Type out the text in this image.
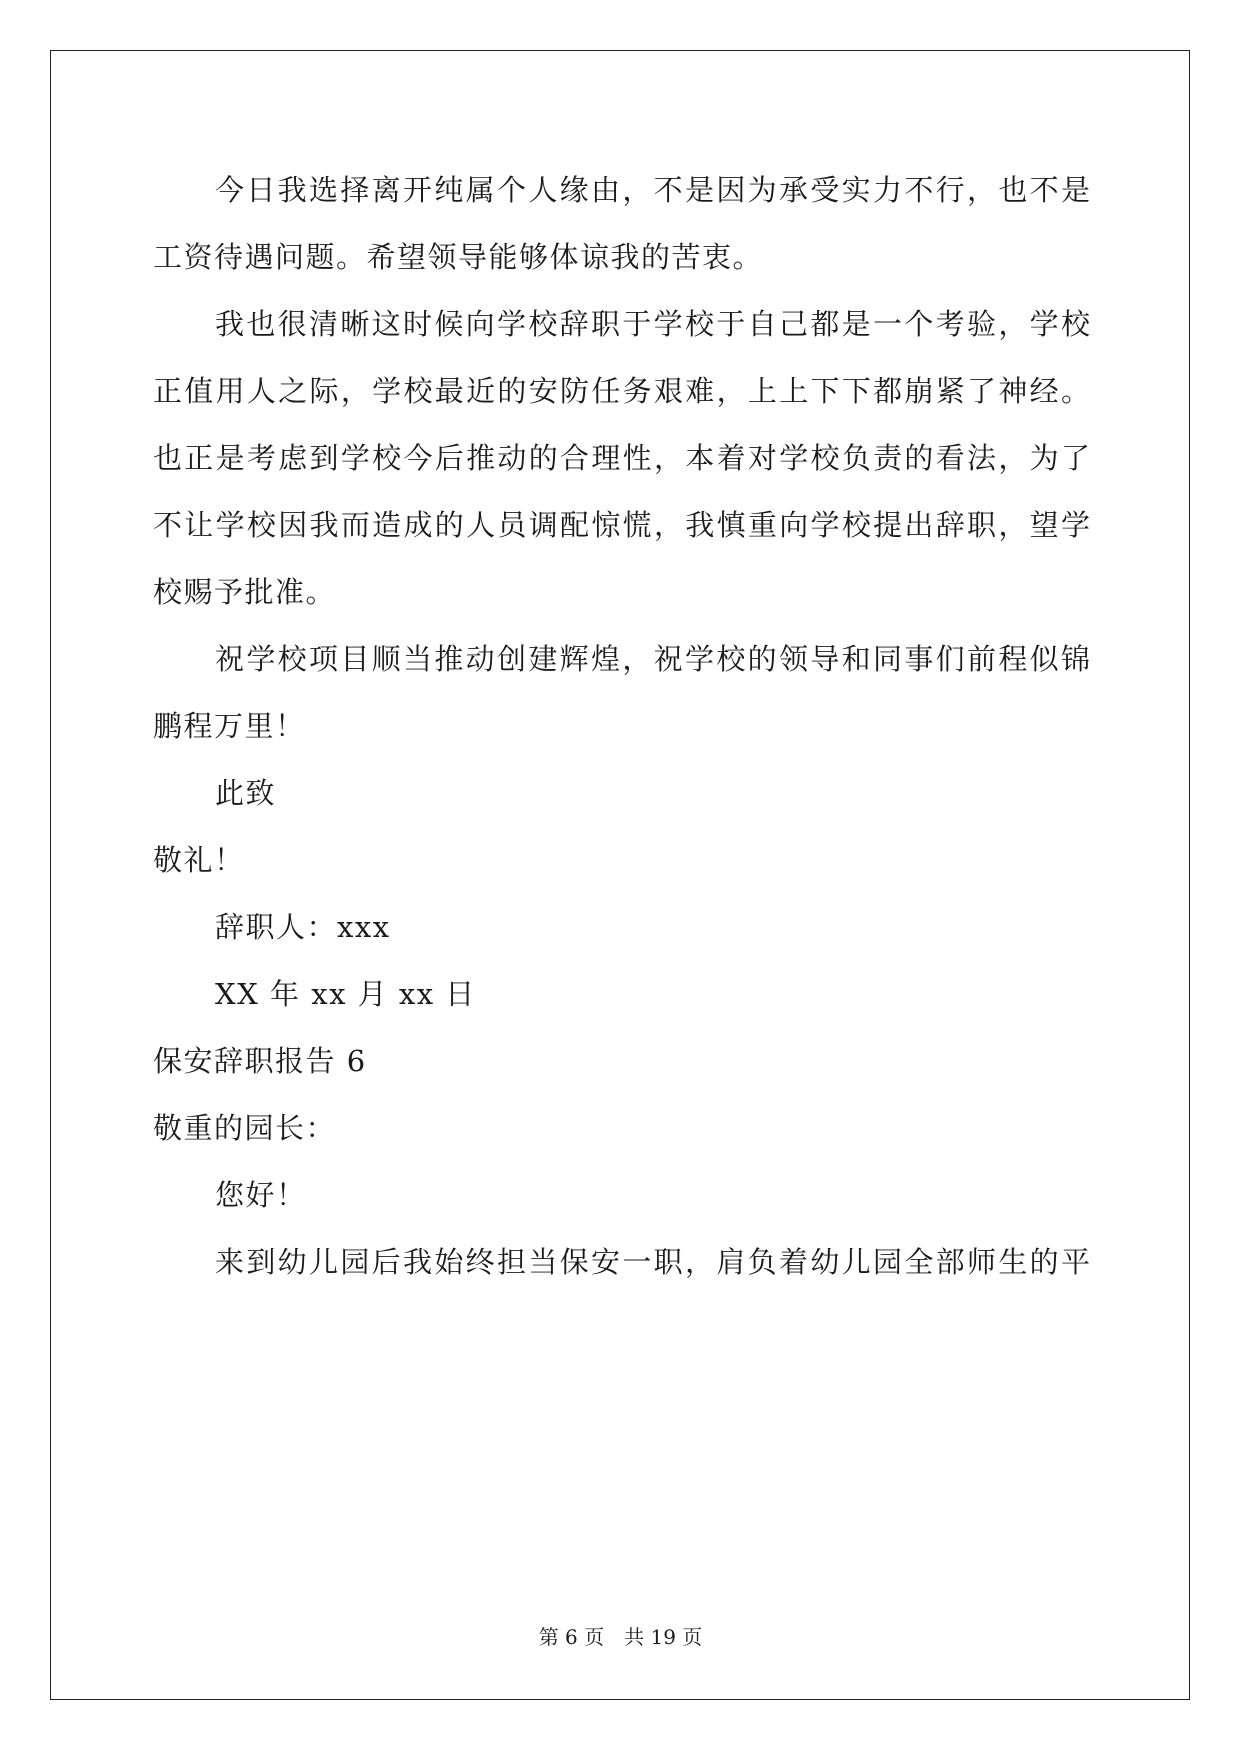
今日我选择离开纯属个人缘由，不是因为承受实力不行，也不是
工资待遇问题。希望领导能够体谅我的苦衷。
我也很清晰这时候向学校辞职于学校于自己都是一个考验，学校
正值用人之际，学校最近的安防任务艰难，上上下下都崩紧了神经。
也正是考虑到学校今后推动的合理性，本着对学校负责的看法，为了
不让学校因我而造成的人员调配惊慌，我慎重向学校提出辞职，望学
校赐予批准。
祝学校项目顺当推动创建辉煌，祝学校的领导和同事们前程似锦
鹏程万里！
此致
敬礼！
辞职人：xxx
XX 年 xx 月 xx 日
保安辞职报告 6
敬重的园长：
您好！
来到幼儿园后我始终担当保安一职，肩负着幼儿园全部师生的平
第 6 页 共 19 页
